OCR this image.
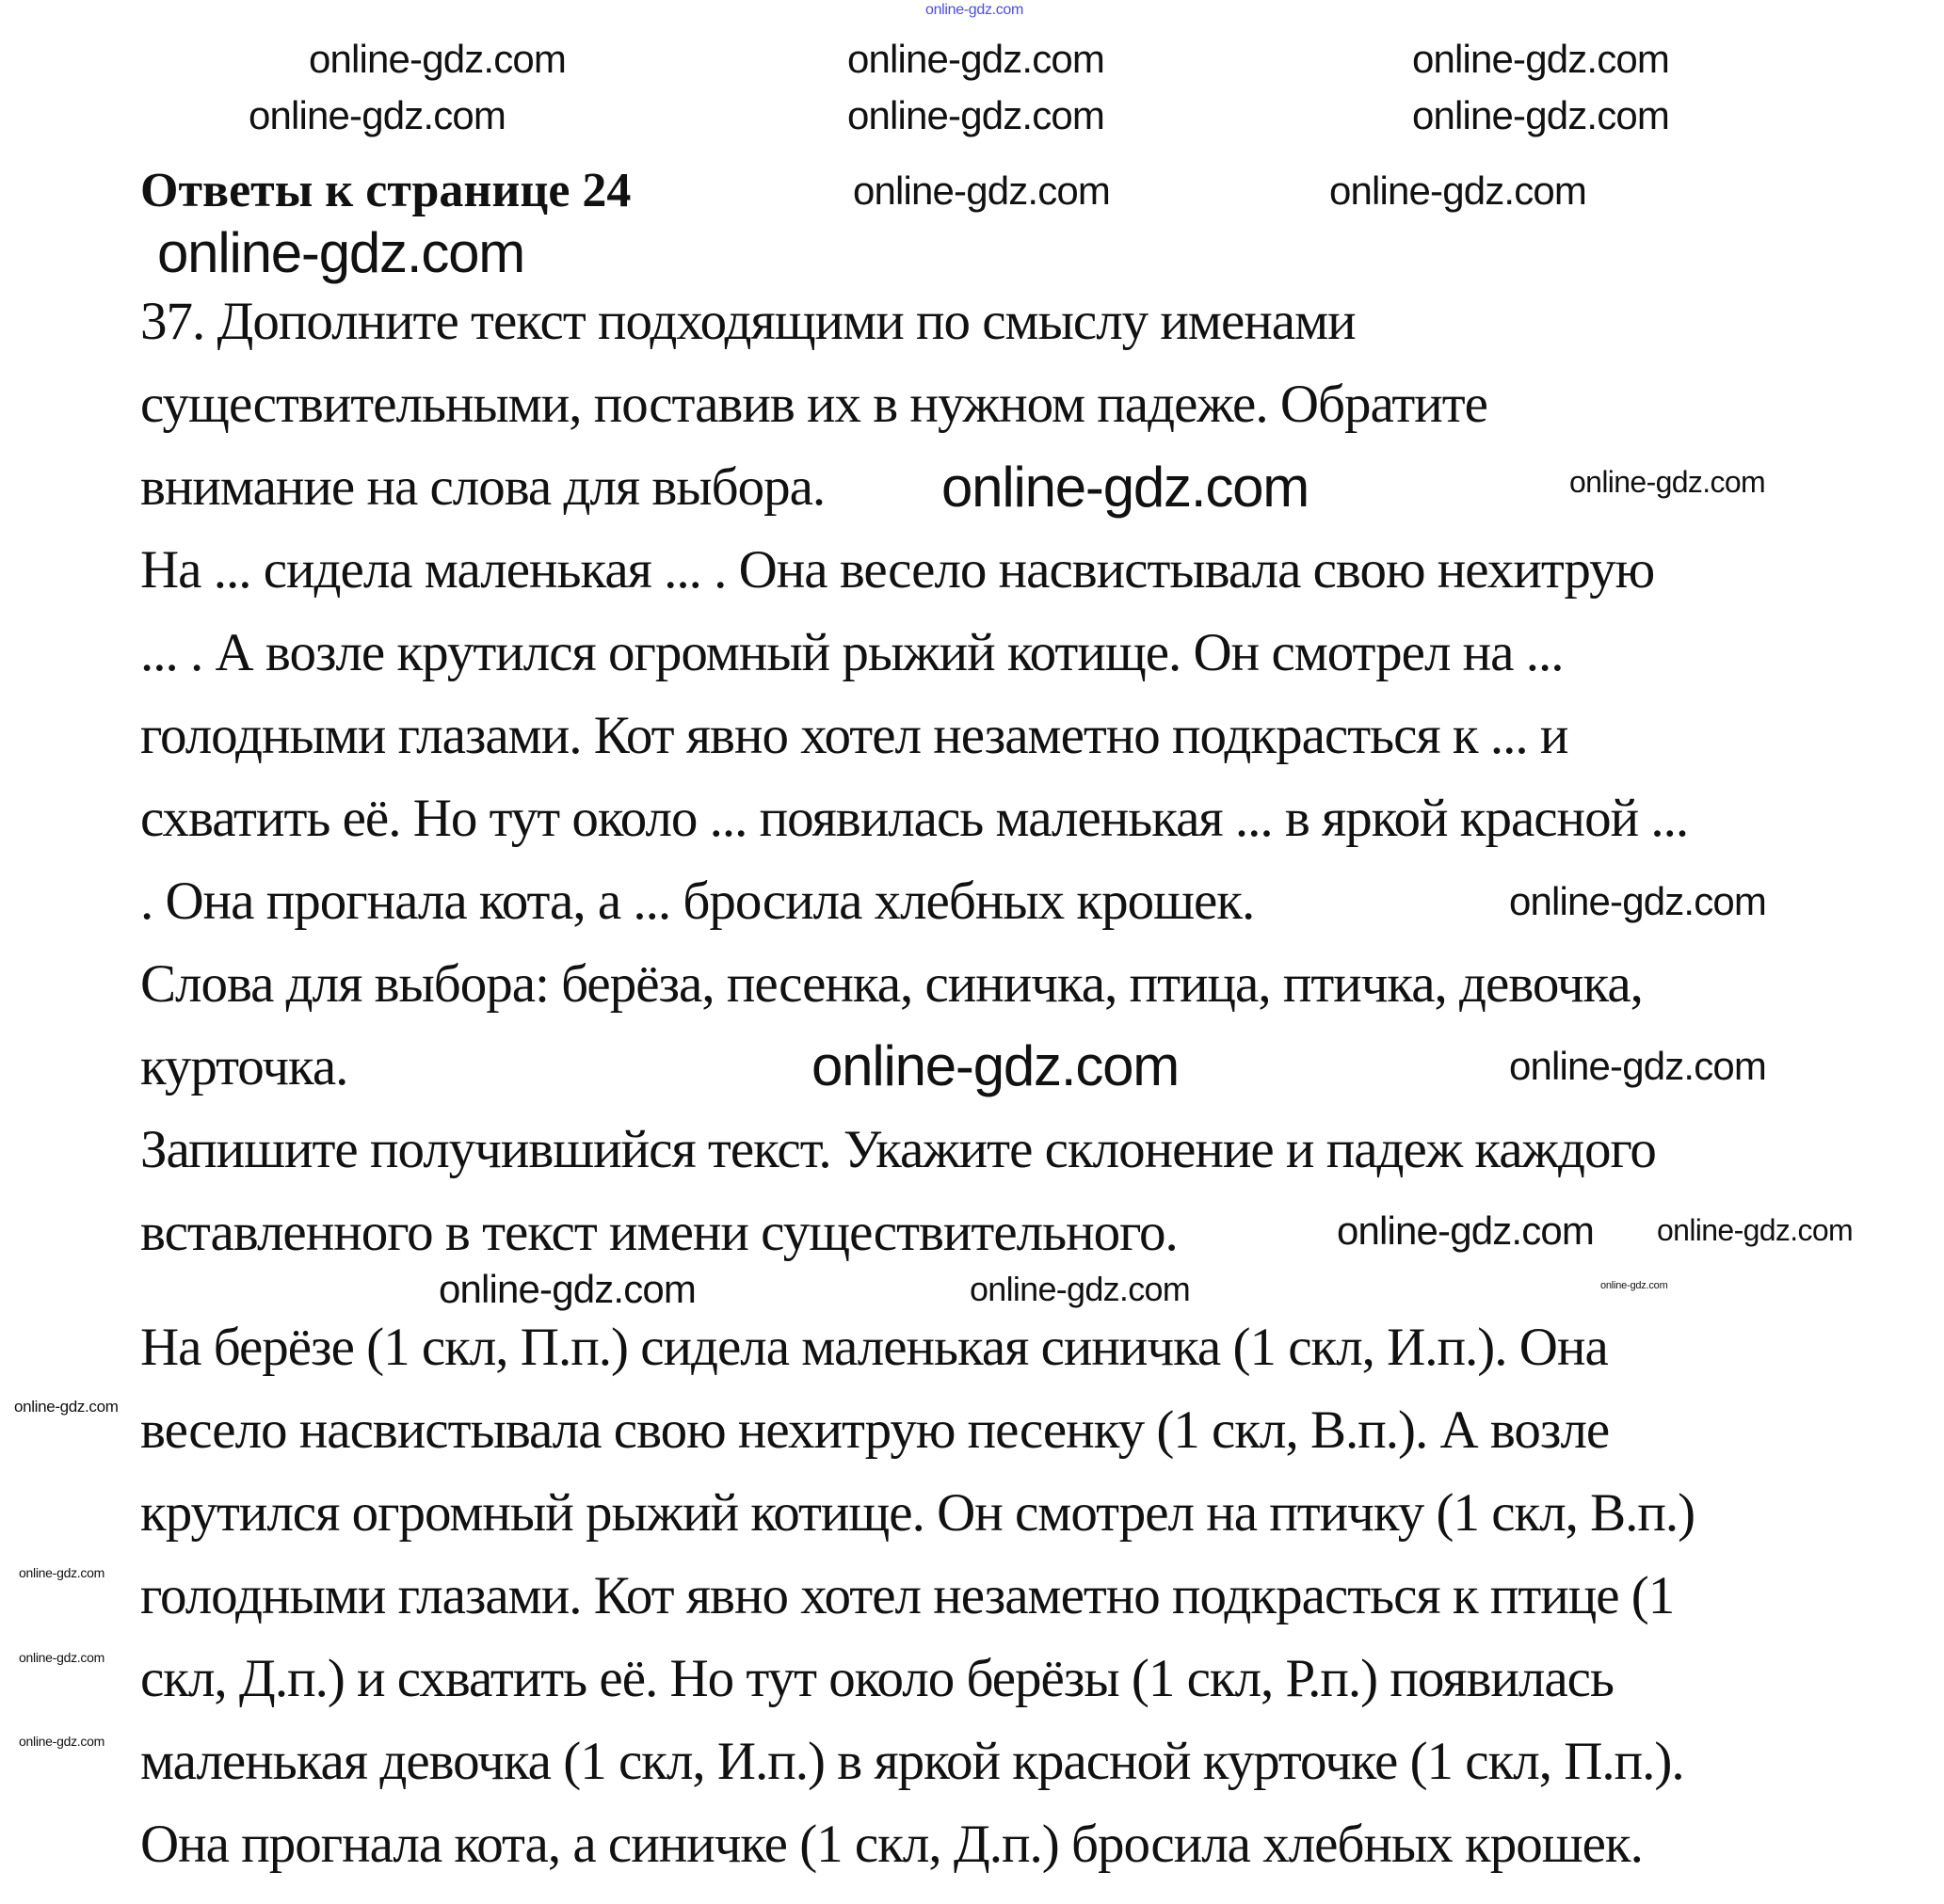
Ответы к странице 24
37. Дополните текст подходящими по смыслу именами
существительными, поставив их в нужном падеже. Обратите
внимание на слова для выбора.
На ... сидела маленькая ... . Она весело насвистывала свою нехитрую
... . А возле крутился огромный рыжий котище. Он смотрел на ...
голодными глазами. Кот явно хотел незаметно подкрасться к ... и
схватить её. Но тут около ... появилась маленькая ... в яркой красной ...
. Она прогнала кота, а ... бросила хлебных крошек.
Слова для выбора: берёза, песенка, синичка, птица, птичка, девочка,
курточка.
Запишите получившийся текст. Укажите склонение и падеж каждого
вставленного в текст имени существительного.
На берёзе (1 скл, П.п.) сидела маленькая синичка (1 скл, И.п.). Она
весело насвистывала свою нехитрую песенку (1 скл, В.п.). А возле
крутился огромный рыжий котище. Он смотрел на птичку (1 скл, В.п.)
голодными глазами. Кот явно хотел незаметно подкрасться к птице (1
скл, Д.п.) и схватить её. Но тут около берёзы (1 скл, Р.п.) появилась
маленькая девочка (1 скл, И.п.) в яркой красной курточке (1 скл, П.п.).
Она прогнала кота, а синичке (1 скл, Д.п.) бросила хлебных крошек.
online-gdz.com
online-gdz.com	online-gdz.com
online-gdz.com
online-gdz.com
online-gdz.com
online-gdz.com	online-gdz.com	online-gdz.com
online-gdz.com	online-gdz.com	online-gdz.com
online-gdz.com
online-gdz.com	online-gdz.com
online-gdz.com online-gdz.com
online-gdz.com	online-gdz.com	online-gdz.com
online-gdz.com
online-gdz.com
online-gdz.com
online-gdz.com
